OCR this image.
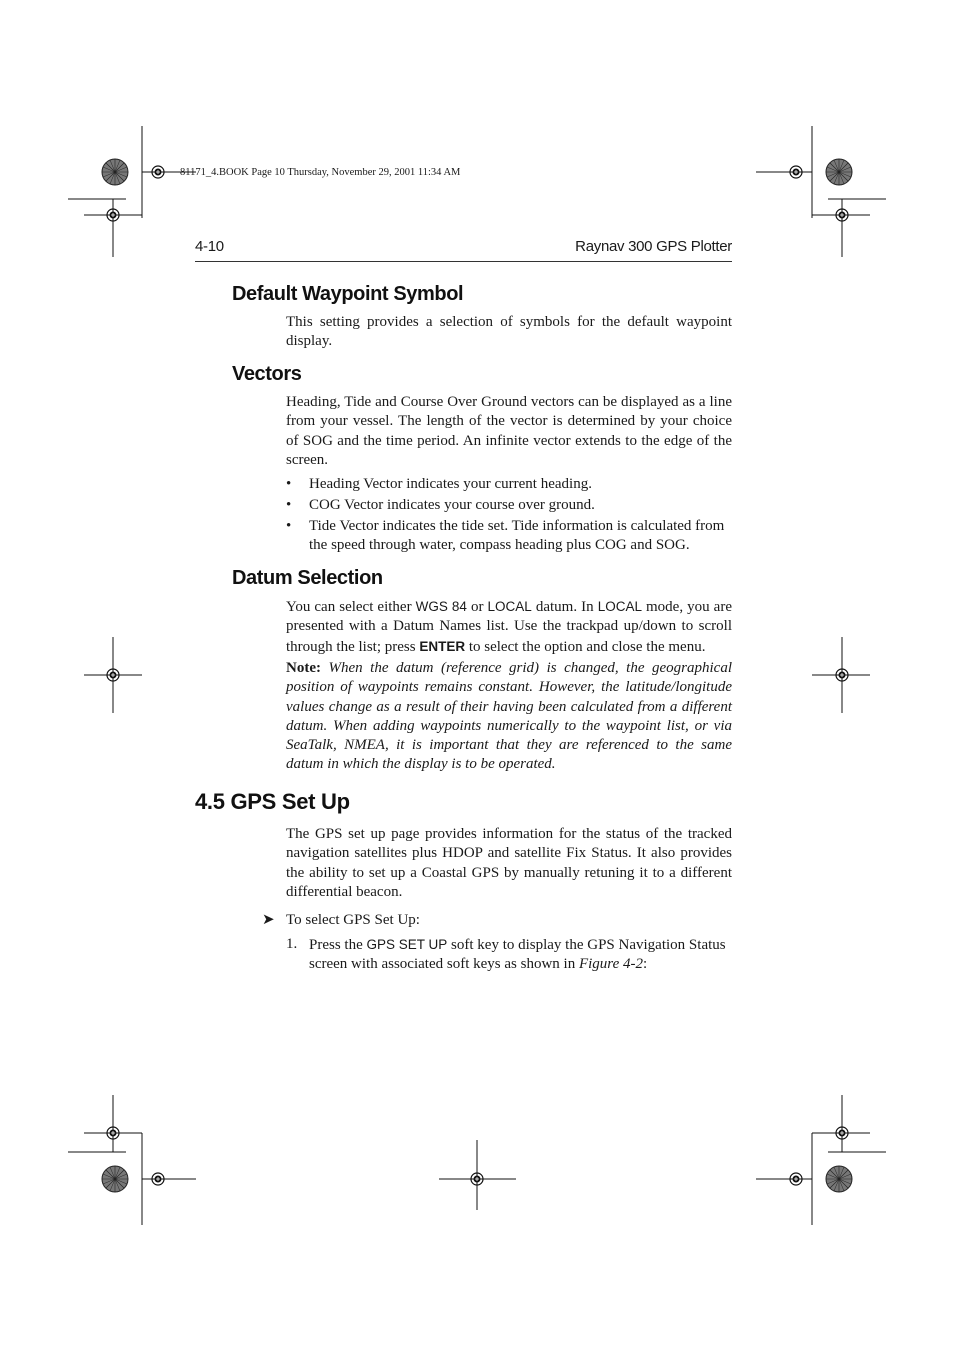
81171_4.BOOK Page 10 Thursday, November 29, 2001 11:34 AM
4-10	Raynav 300 GPS Plotter
Default Waypoint Symbol

This setting provides a selection of symbols for the default waypoint display.

Vectors

Heading, Tide and Course Over Ground vectors can be displayed as a line from your vessel. The length of the vector is determined by your choice of SOG and the time period. An infinite vector extends to the edge of the screen.

• Heading Vector indicates your current heading.
• COG Vector indicates your course over ground.
• Tide Vector indicates the tide set. Tide information is calculated from the speed through water, compass heading plus COG and SOG.
Datum Selection

You can select either WGS 84 or LOCAL datum. In LOCAL mode, you are presented with a Datum Names list. Use the trackpad up/down to scroll through the list; press ENTER to select the option and close the menu.

Note: When the datum (reference grid) is changed, the geographical position of waypoints remains constant. However, the latitude/longitude values change as a result of their having been calculated from a different datum. When adding waypoints numerically to the waypoint list, or via SeaTalk, NMEA, it is important that they are referenced to the same datum in which the display is to be operated.
4.5 GPS Set Up

The GPS set up page provides information for the status of the tracked navigation satellites plus HDOP and satellite Fix Status. It also provides the ability to set up a Coastal GPS by manually retuning it to a different differential beacon.

➤ To select GPS Set Up:
1. Press the GPS SET UP soft key to display the GPS Navigation Status screen with associated soft keys as shown in Figure 4-2:
